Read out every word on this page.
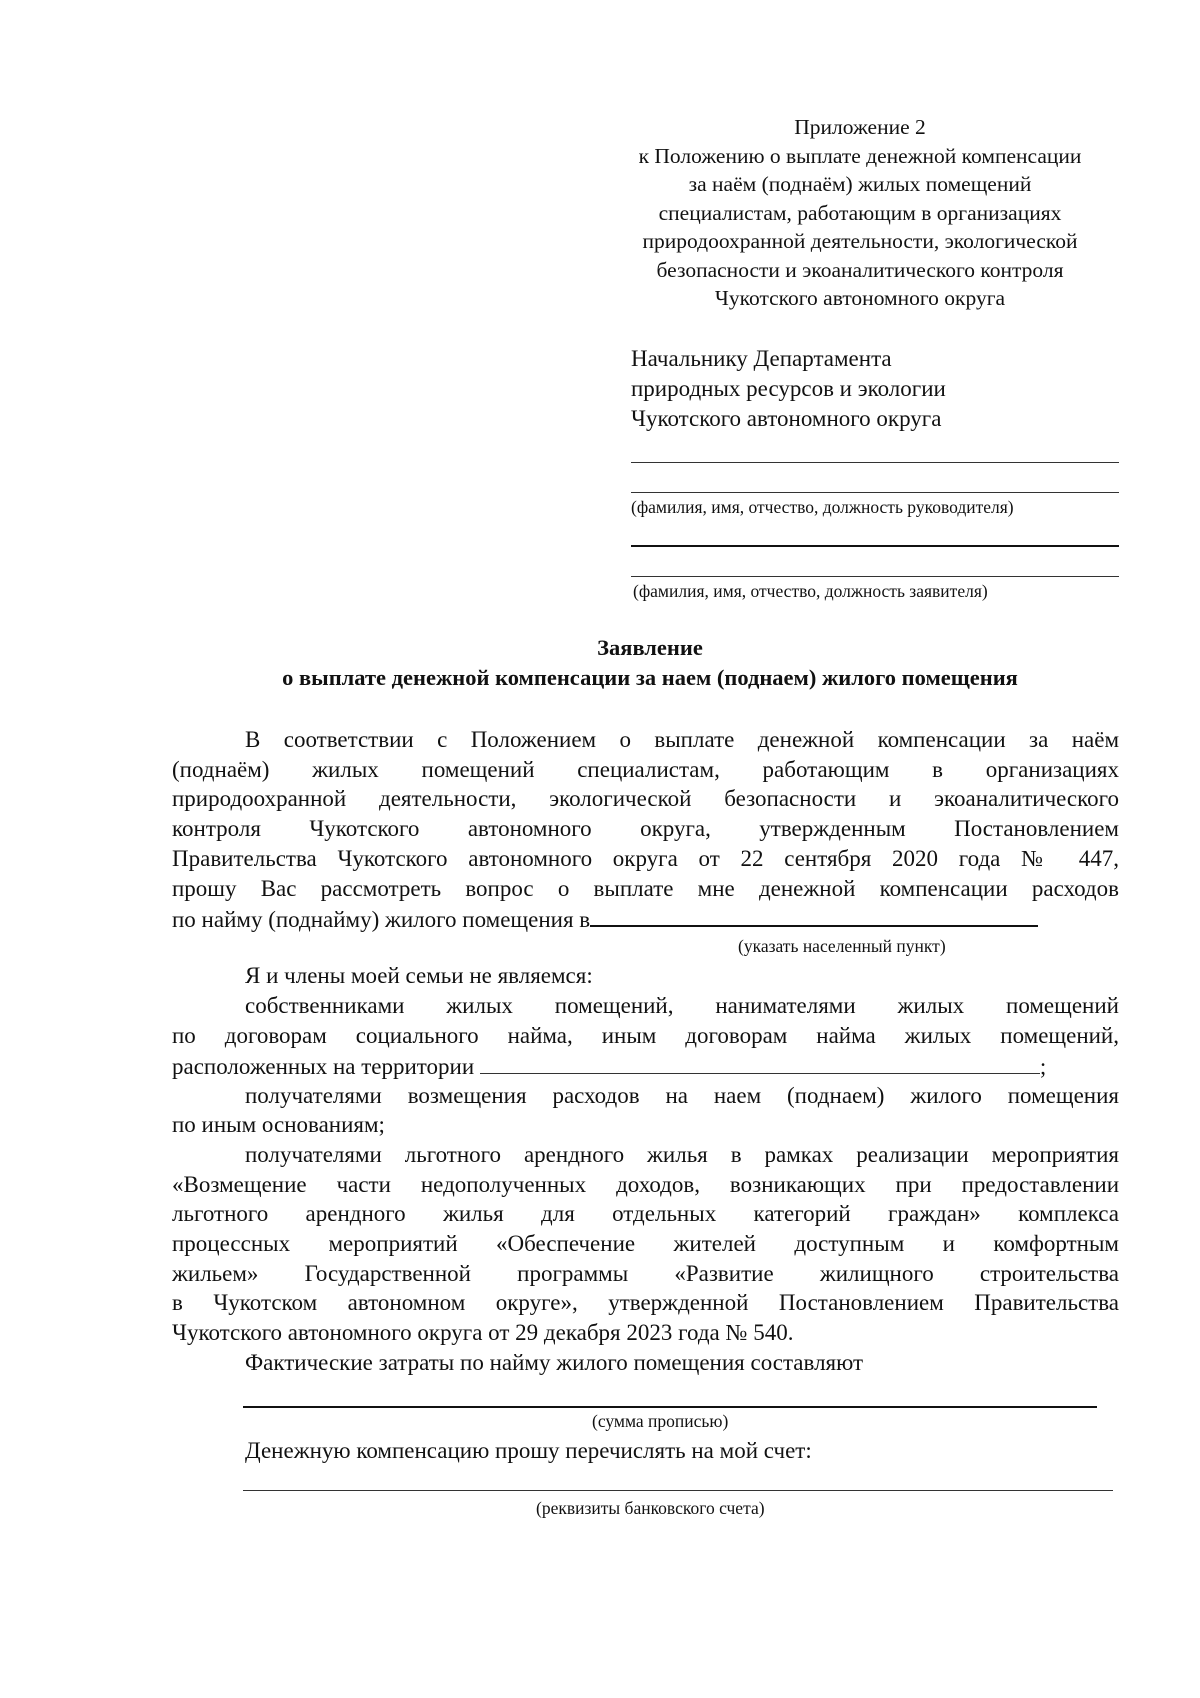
Приложение 2
к Положению о выплате денежной компенсации
за наём (поднаём) жилых помещений
специалистам, работающим в организациях
природоохранной деятельности, экологической
безопасности и экоаналитического контроля
Чукотского автономного округа
Начальнику Департамента
природных ресурсов и экологии
Чукотского автономного округа
(фамилия, имя, отчество, должность руководителя)
(фамилия, имя, отчество, должность заявителя)
Заявление
о выплате денежной компенсации за наем (поднаем) жилого помещения
В соответствии с Положением о выплате денежной компенсации за наём
(поднаём) жилых помещений специалистам, работающим в организациях
природоохранной деятельности, экологической безопасности и экоаналитического
контроля Чукотского автономного округа, утвержденным Постановлением
Правительства Чукотского автономного округа от 22 сентября 2020 года № 447,
прошу Вас рассмотреть вопрос о выплате мне денежной компенсации расходов
по найму (поднайму) жилого помещения в
(указать населенный пункт)
Я и члены моей семьи не являемся:
собственниками жилых помещений, нанимателями жилых помещений
по договорам социального найма, иным договорам найма жилых помещений,
расположенных на территории	;
получателями возмещения расходов на наем (поднаем) жилого помещения
по иным основаниям;
получателями льготного арендного жилья в рамках реализации мероприятия
«Возмещение части недополученных доходов, возникающих при предоставлении
льготного арендного жилья для отдельных категорий граждан» комплекса
процессных мероприятий «Обеспечение жителей доступным и комфортным
жильем» Государственной программы «Развитие жилищного строительства
в Чукотском автономном округе», утвержденной Постановлением Правительства
Чукотского автономного округа от 29 декабря 2023 года № 540.
Фактические затраты по найму жилого помещения составляют
(сумма прописью)
Денежную компенсацию прошу перечислять на мой счет:
(реквизиты банковского счета)
